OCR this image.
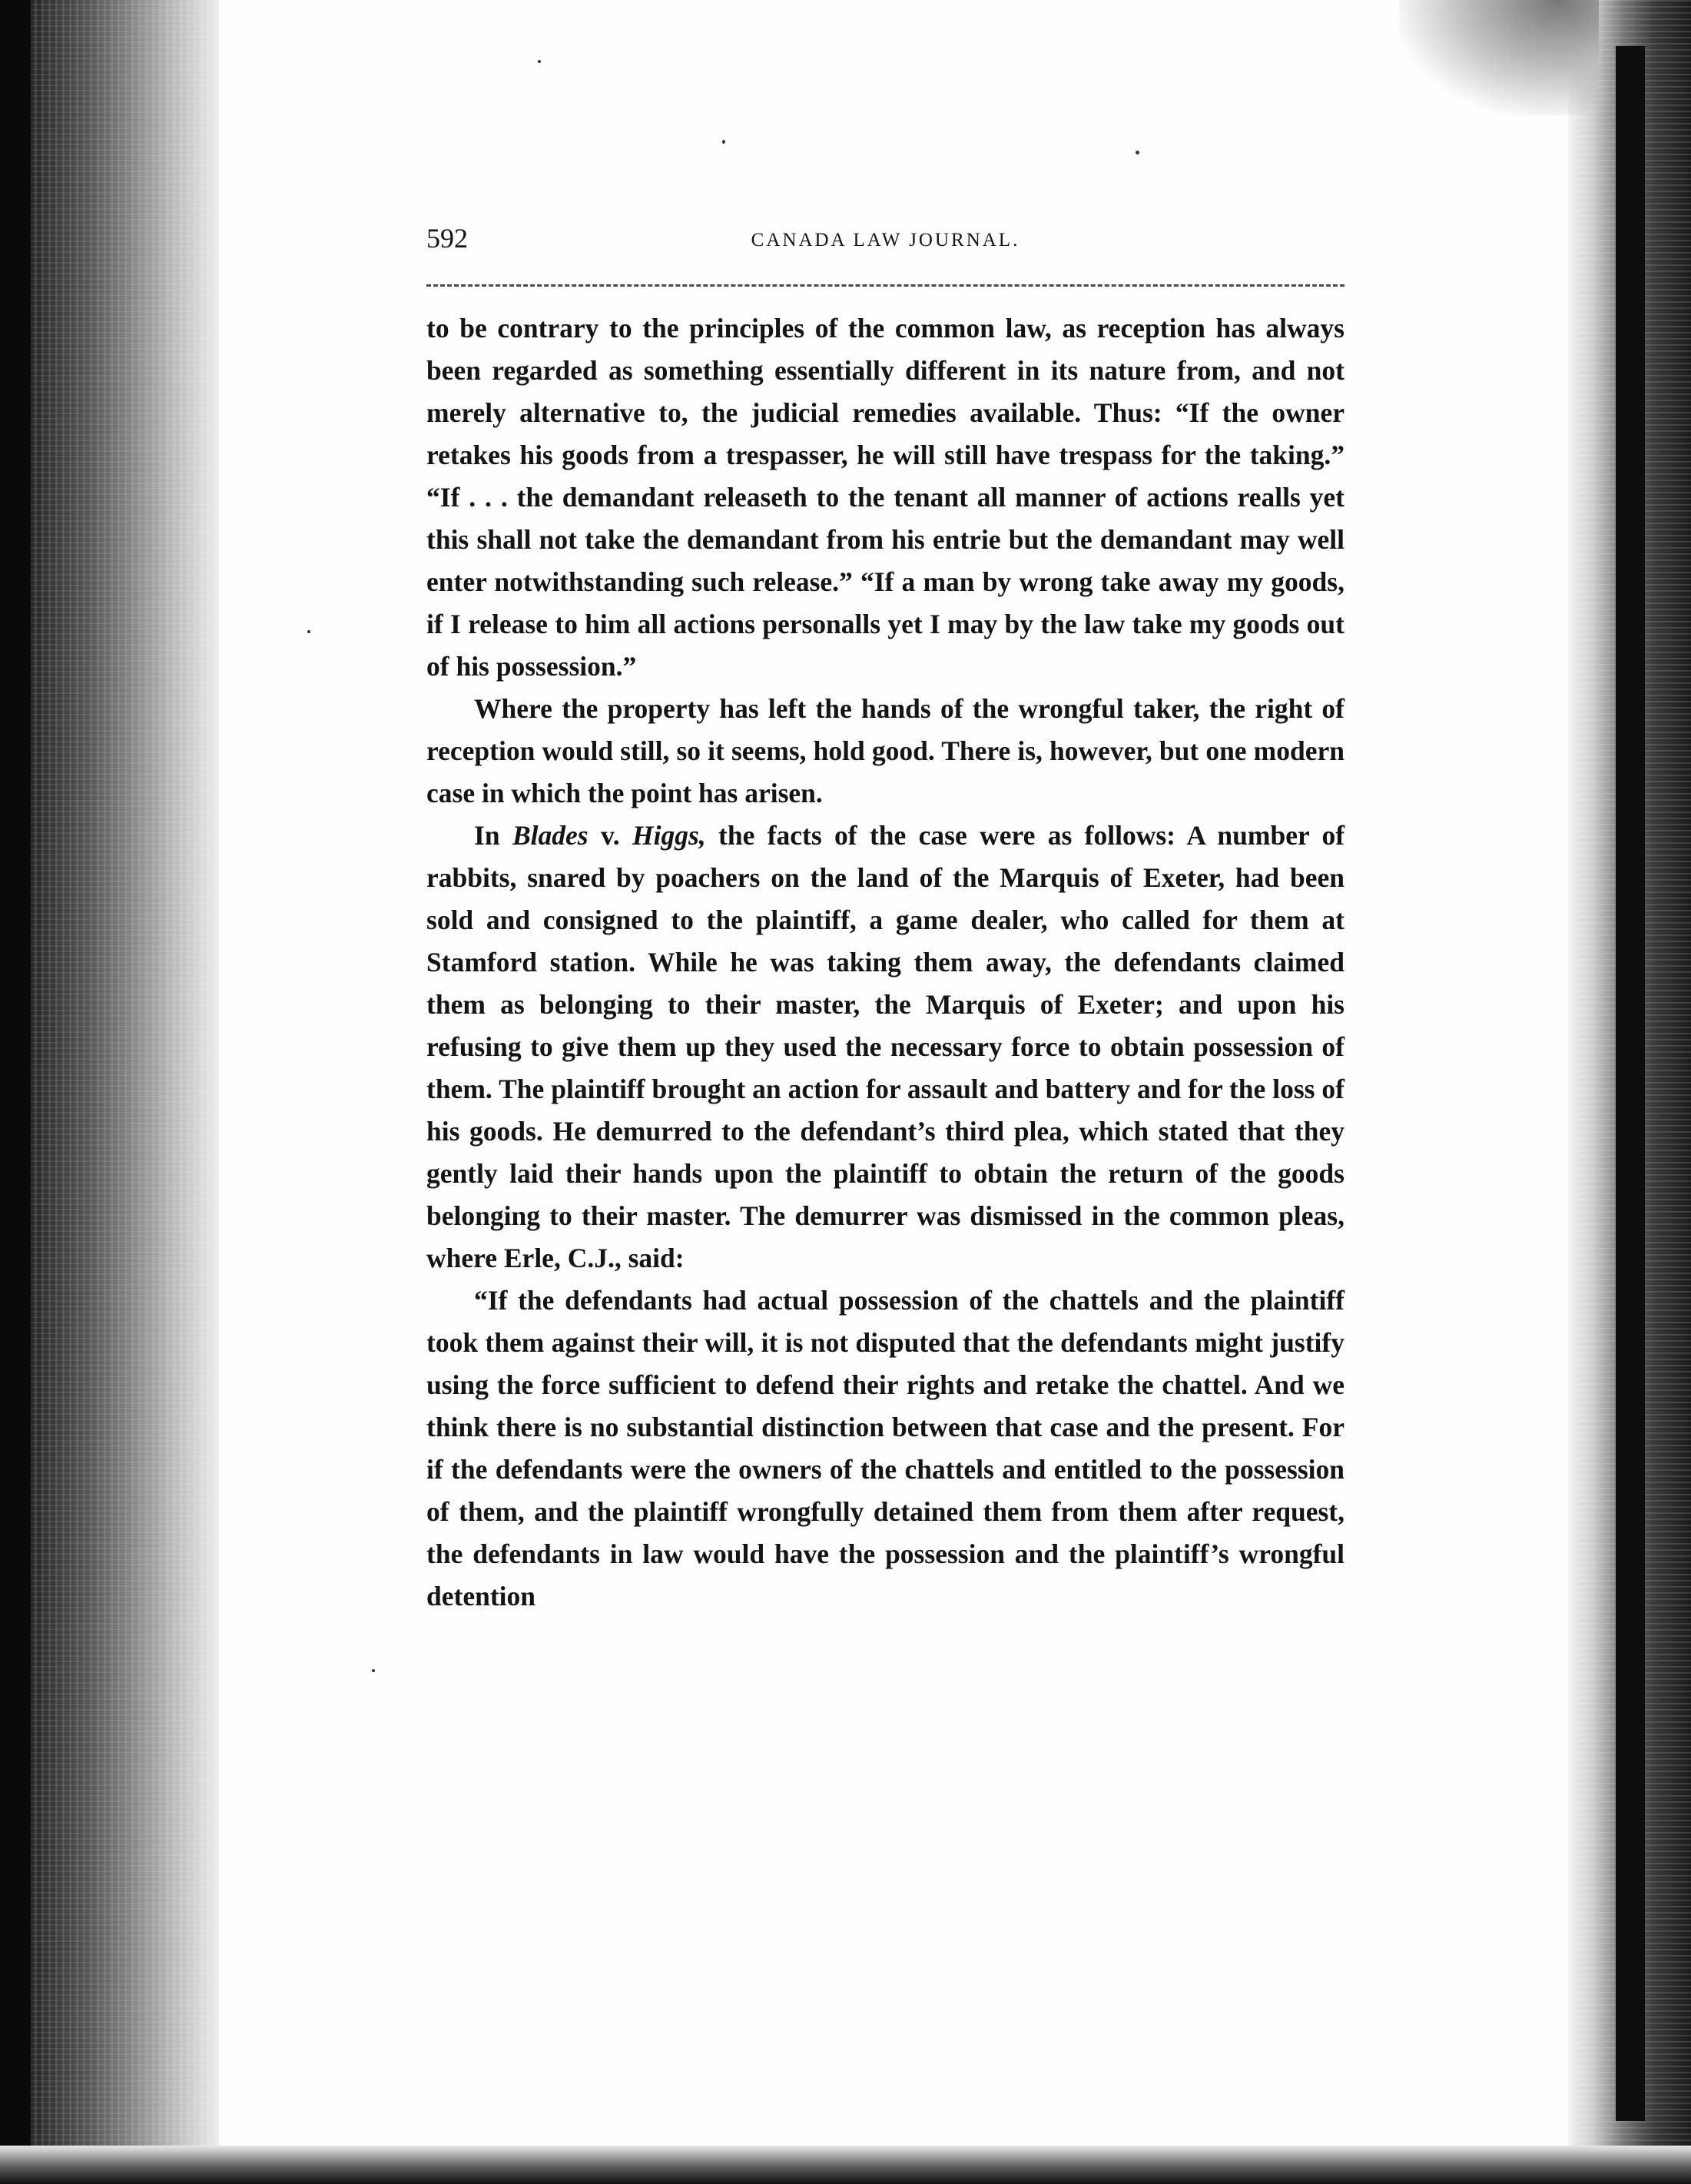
592	CANADA LAW JOURNAL.

to be contrary to the principles of the common law, as reception has always been regarded as something essentially different in its nature from, and not merely alternative to, the judicial remedies available. Thus: “If the owner retakes his goods from a trespasser, he will still have trespass for the taking.” “If . . . the demandant releaseth to the tenant all manner of actions realls yet this shall not take the demandant from his entrie but the demandant may well enter notwithstanding such release.” “If a man by wrong take away my goods, if I release to him all actions personalls yet I may by the law take my goods out of his possession.”

Where the property has left the hands of the wrongful taker, the right of reception would still, so it seems, hold good. There is, however, but one modern case in which the point has arisen.

In Blades v. Higgs, the facts of the case were as follows: A number of rabbits, snared by poachers on the land of the Marquis of Exeter, had been sold and consigned to the plaintiff, a game dealer, who called for them at Stamford station. While he was taking them away, the defendants claimed them as belonging to their master, the Marquis of Exeter; and upon his refusing to give them up they used the necessary force to obtain possession of them. The plaintiff brought an action for assault and battery and for the loss of his goods. He demurred to the defendant’s third plea, which stated that they gently laid their hands upon the plaintiff to obtain the return of the goods belonging to their master. The demurrer was dismissed in the common pleas, where Erle, C.J., said:

“If the defendants had actual possession of the chattels and the plaintiff took them against their will, it is not disputed that the defendants might justify using the force sufficient to defend their rights and retake the chattel. And we think there is no substantial distinction between that case and the present. For if the defendants were the owners of the chattels and entitled to the possession of them, and the plaintiff wrongfully detained them from them after request, the defendants in law would have the possession and the plaintiff’s wrongful detention
